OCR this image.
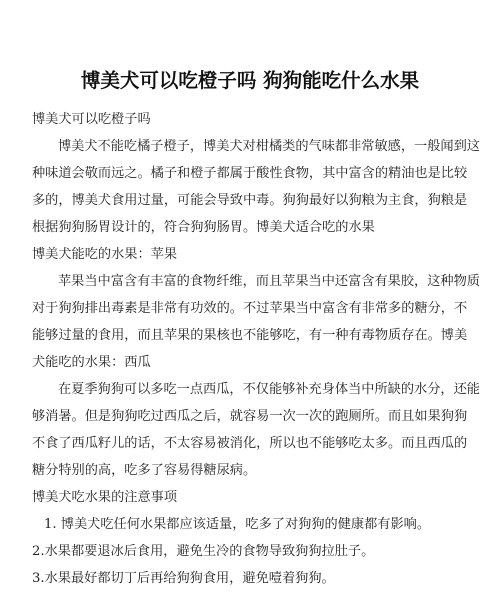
博美犬可以吃橙子吗 狗狗能吃什么水果
博美犬可以吃橙子吗
博美犬不能吃橘子橙子，博美犬对柑橘类的气味都非常敏感，一般闻到这
种味道会敬而远之。橘子和橙子都属于酸性食物，其中富含的精油也是比较
多的，博美犬食用过量，可能会导致中毒。狗狗最好以狗粮为主食，狗粮是
根据狗狗肠胃设计的，符合狗狗肠胃。博美犬适合吃的水果
博美犬能吃的水果：苹果
苹果当中富含有丰富的食物纤维，而且苹果当中还富含有果胶，这种物质
对于狗狗排出毒素是非常有功效的。不过苹果当中富含有非常多的糖分，不
能够过量的食用，而且苹果的果核也不能够吃，有一种有毒物质存在。博美
犬能吃的水果：西瓜
在夏季狗狗可以多吃一点西瓜，不仅能够补充身体当中所缺的水分，还能
够消暑。但是狗狗吃过西瓜之后，就容易一次一次的跑厕所。而且如果狗狗
不食了西瓜籽儿的话，不太容易被消化，所以也不能够吃太多。而且西瓜的
糖分特别的高，吃多了容易得糖尿病。
博美犬吃水果的注意事项
1. 博美犬吃任何水果都应该适量，吃多了对狗狗的健康都有影响。
2.水果都要退冰后食用，避免生冷的食物导致狗狗拉肚子。
3.水果最好都切丁后再给狗狗食用，避免噎着狗狗。
